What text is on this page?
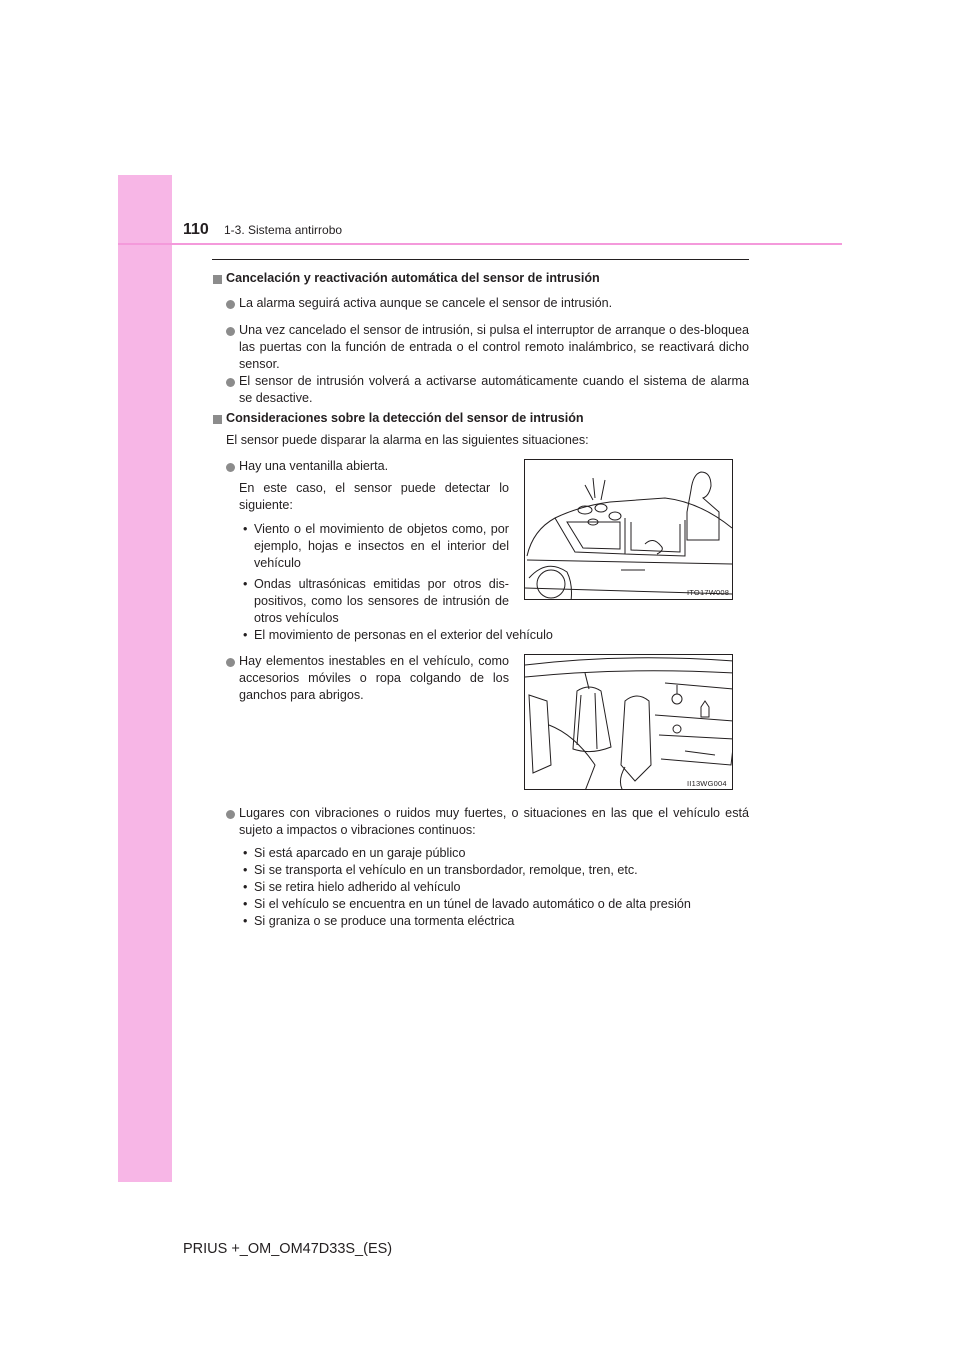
110 1-3. Sistema antirrobo
Cancelación y reactivación automática del sensor de intrusión
La alarma seguirá activa aunque se cancele el sensor de intrusión.
Una vez cancelado el sensor de intrusión, si pulsa el interruptor de arranque o des-bloquea las puertas con la función de entrada o el control remoto inalámbrico, se reactivará dicho sensor.
El sensor de intrusión volverá a activarse automáticamente cuando el sistema de alarma se desactive.
Consideraciones sobre la detección del sensor de intrusión
El sensor puede disparar la alarma en las siguientes situaciones:
Hay una ventanilla abierta.
En este caso, el sensor puede detectar lo siguiente:
• Viento o el movimiento de objetos como, por ejemplo, hojas e insectos en el interior del vehículo
• Ondas ultrasónicas emitidas por otros dis-positivos, como los sensores de intrusión de otros vehículos
• El movimiento de personas en el exterior del vehículo
ITO17W008
Hay elementos inestables en el vehículo, como accesorios móviles o ropa colgando de los ganchos para abrigos.
II13WG004
Lugares con vibraciones o ruidos muy fuertes, o situaciones en las que el vehículo está sujeto a impactos o vibraciones continuos:
• Si está aparcado en un garaje público
• Si se transporta el vehículo en un transbordador, remolque, tren, etc.
• Si se retira hielo adherido al vehículo
• Si el vehículo se encuentra en un túnel de lavado automático o de alta presión
• Si graniza o se produce una tormenta eléctrica
PRIUS +_OM_OM47D33S_(ES)
